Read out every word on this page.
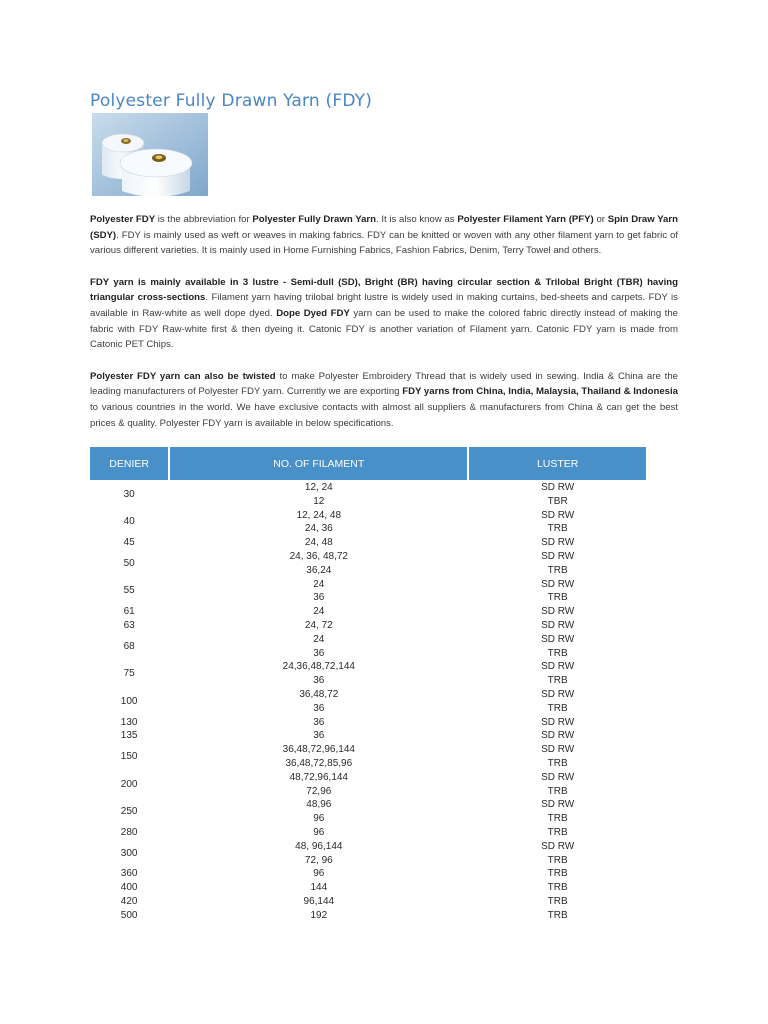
Polyester Fully Drawn Yarn (FDY)

Polyester FDY is the abbreviation for Polyester Fully Drawn Yarn. It is also know as Polyester Filament Yarn (PFY) or Spin Draw Yarn (SDY). FDY is mainly used as weft or weaves in making fabrics. FDY can be knitted or woven with any other filament yarn to get fabric of various different varieties. It is mainly used in Home Furnishing Fabrics, Fashion Fabrics, Denim, Terry Towel and others.

FDY yarn is mainly available in 3 lustre - Semi-dull (SD), Bright (BR) having circular section & Trilobal Bright (TBR) having triangular cross-sections. Filament yarn having trilobal bright lustre is widely used in making curtains, bed-sheets and carpets. FDY is available in Raw-white as well dope dyed. Dope Dyed FDY yarn can be used to make the colored fabric directly instead of making the fabric with FDY Raw-white first & then dyeing it. Catonic FDY is another variation of Filament yarn. Catonic FDY yarn is made from Catonic PET Chips.

Polyester FDY yarn can also be twisted to make Polyester Embroidery Thread that is widely used in sewing. India & China are the leading manufacturers of Polyester FDY yarn. Currently we are exporting FDY yarns from China, India, Malaysia, Thailand & Indonesia to various countries in the world. We have exclusive contacts with almost all suppliers & manufacturers from China & can get the best prices & quality. Polyester FDY yarn is available in below specifications.

DENIER	NO. OF FILAMENT	LUSTER
30	12, 24	SD RW
	12	TBR
40	12, 24, 48	SD RW
	24, 36	TRB
45	24, 48	SD RW
50	24, 36, 48,72	SD RW
	36,24	TRB
55	24	SD RW
	36	TRB
61	24	SD RW
63	24, 72	SD RW
68	24	SD RW
	36	TRB
75	24,36,48,72,144	SD RW
	36	TRB
100	36,48,72	SD RW
	36	TRB
130	36	SD RW
135	36	SD RW
150	36,48,72,96,144	SD RW
	36,48,72,85,96	TRB
200	48,72,96,144	SD RW
	72,96	TRB
250	48,96	SD RW
	96	TRB
280	96	TRB
300	48, 96,144	SD RW
	72, 96	TRB
360	96	TRB
400	144	TRB
420	96,144	TRB
500	192	TRB
